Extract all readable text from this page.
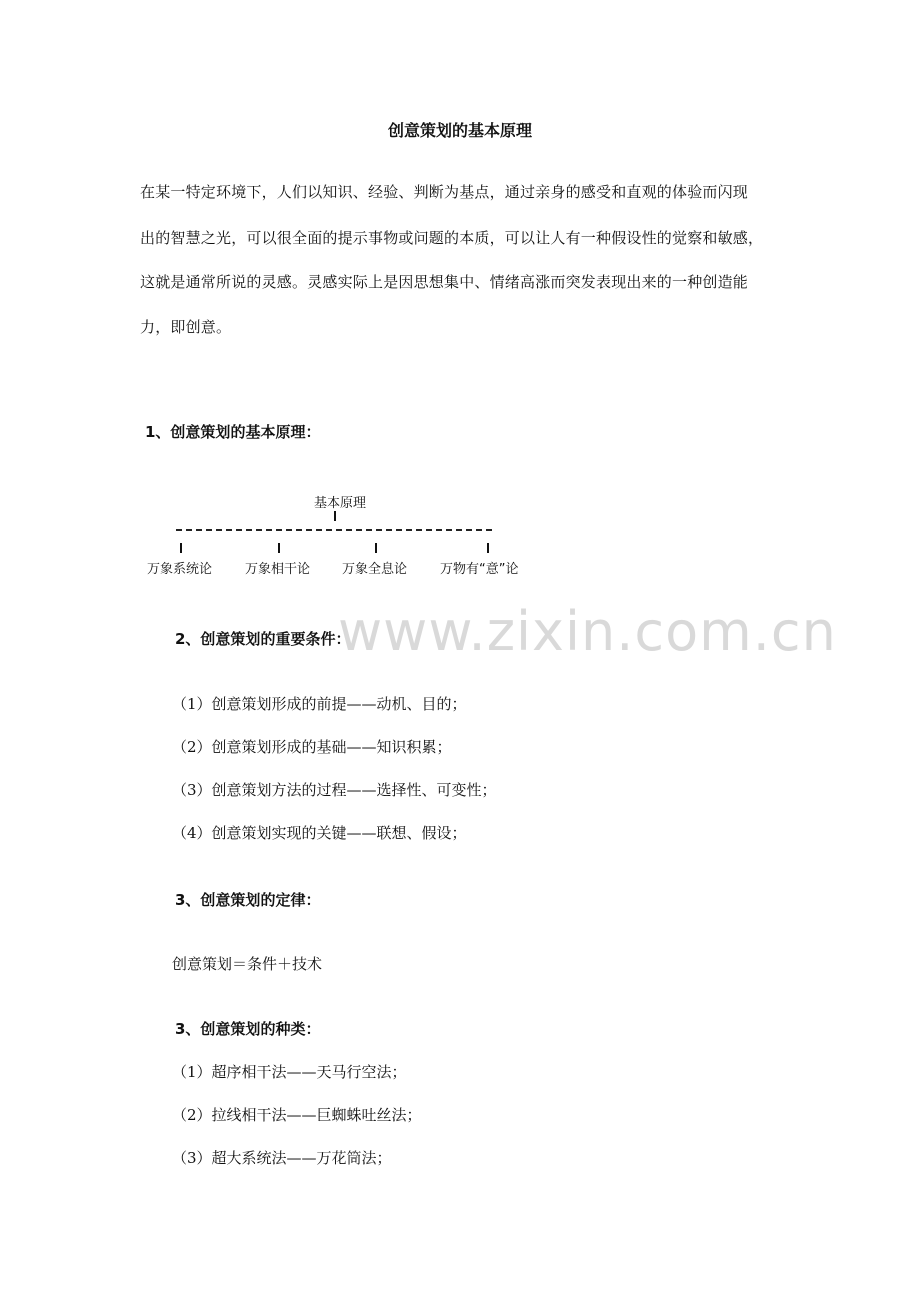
www.zixin.com.cn
创意策划的基本原理
在某一特定环境下，人们以知识、经验、判断为基点，通过亲身的感受和直观的体验而闪现
出的智慧之光，可以很全面的提示事物或问题的本质，可以让人有一种假设性的觉察和敏感，
这就是通常所说的灵感。灵感实际上是因思想集中、情绪高涨而突发表现出来的一种创造能
力，即创意。
1、创意策划的基本原理：
基本原理
万象系统论	万象相干论 万象全息论	万物有“意”论
2、创意策划的重要条件：
（1）创意策划形成的前提——动机、目的；
（2）创意策划形成的基础——知识积累；
（3）创意策划方法的过程——选择性、可变性；
（4）创意策划实现的关键——联想、假设；
3、创意策划的定律：
创意策划＝条件＋技术
3、创意策划的种类：
（1）超序相干法——天马行空法；
（2）拉线相干法——巨蜘蛛吐丝法；
（3）超大系统法——万花筒法；
